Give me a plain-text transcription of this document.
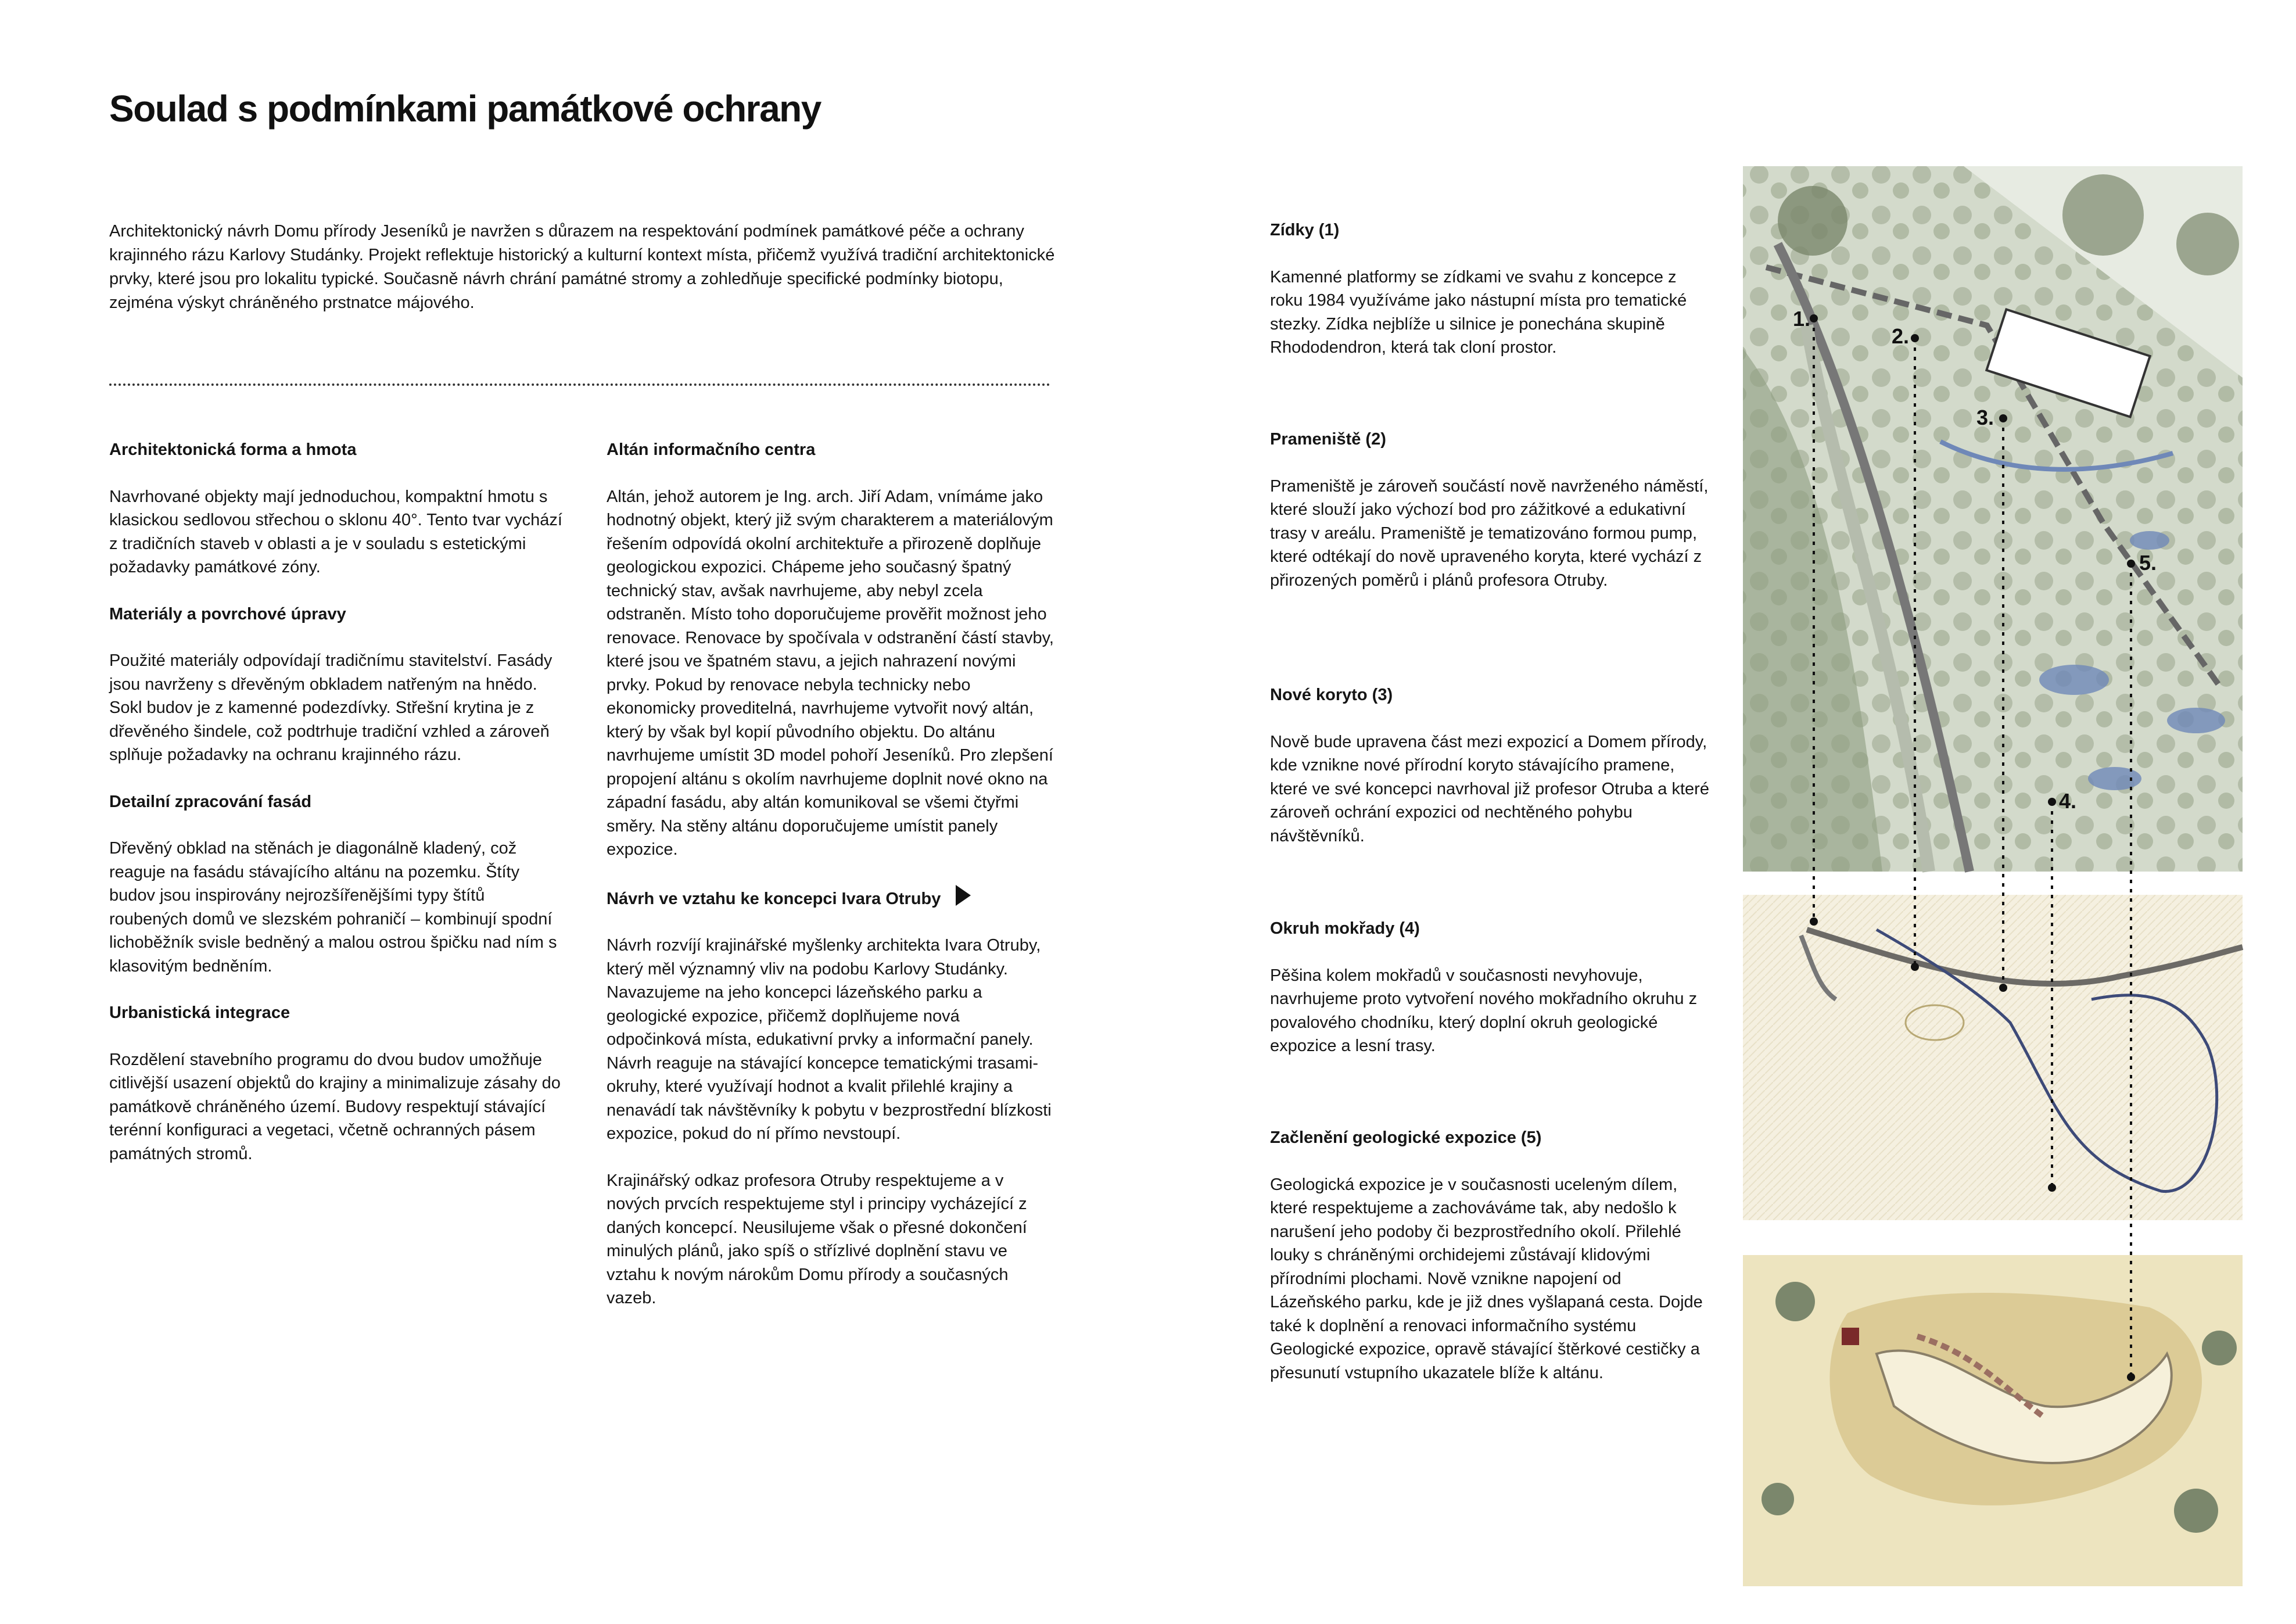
Soulad s podmínkami památkové ochrany

Architektonický návrh Domu přírody Jeseníků je navržen s důrazem na respektování podmínek památkové péče a ochrany krajinného rázu Karlovy Studánky. Projekt reflektuje historický a kulturní kontext místa, přičemž využívá tradiční architektonické prvky, které jsou pro lokalitu typické. Současně návrh chrání památné stromy a zohledňuje specifické podmínky biotopu, zejména výskyt chráněného prstnatce májového.

Architektonická forma a hmota

Navrhované objekty mají jednoduchou, kompaktní hmotu s klasickou sedlovou střechou o sklonu 40°. Tento tvar vychází z tradičních staveb v oblasti a je v souladu s estetickými požadavky památkové zóny.

Materiály a povrchové úpravy

Použité materiály odpovídají tradičnímu stavitelství. Fasády jsou navrženy s dřevěným obkladem natřeným na hnědo. Sokl budov je z kamenné podezdívky. Střešní krytina je z dřevěného šindele, což podtrhuje tradiční vzhled a zároveň splňuje požadavky na ochranu krajinného rázu.

Detailní zpracování fasád

Dřevěný obklad na stěnách je diagonálně kladený, což reaguje na fasádu stávajícího altánu na pozemku. Štíty budov jsou inspirovány nejrozšířenějšími typy štítů roubených domů ve slezském pohraničí – kombinují spodní lichoběžník svisle bedněný a malou ostrou špičku nad ním s klasovitým bedněním.

Urbanistická integrace

Rozdělení stavebního programu do dvou budov umožňuje citlivější usazení objektů do krajiny a minimalizuje zásahy do památkově chráněného území. Budovy respektují stávající terénní konfiguraci a vegetaci, včetně ochranných pásem památných stromů.

Altán informačního centra

Altán, jehož autorem je Ing. arch. Jiří Adam, vnímáme jako hodnotný objekt, který již svým charakterem a materiálovým řešením odpovídá okolní architektuře a přirozeně doplňuje geologickou expozici. Chápeme jeho současný špatný technický stav, avšak navrhujeme, aby nebyl zcela odstraněn. Místo toho doporučujeme prověřit možnost jeho renovace. Renovace by spočívala v odstranění částí stavby, které jsou ve špatném stavu, a jejich nahrazení novými prvky. Pokud by renovace nebyla technicky nebo ekonomicky proveditelná, navrhujeme vytvořit nový altán, který by však byl kopií původního objektu. Do altánu navrhujeme umístit 3D model pohoří Jeseníků. Pro zlepšení propojení altánu s okolím navrhujeme doplnit nové okno na západní fasádu, aby altán komunikoval se všemi čtyřmi směry. Na stěny altánu doporučujeme umístit panely expozice.

Návrh ve vztahu ke koncepci Ivara Otruby

Návrh rozvíjí krajinářské myšlenky architekta Ivara Otruby, který měl významný vliv na podobu Karlovy Studánky. Navazujeme na jeho koncepci lázeňského parku a geologické expozice, přičemž doplňujeme nová odpočinková místa, edukativní prvky a informační panely. Návrh reaguje na stávající koncepce tematickými trasami-okruhy, které využívají hodnot a kvalit přilehlé krajiny a nenavádí tak návštěvníky k pobytu v bezprostřední blízkosti expozice, pokud do ní přímo nevstoupí.

Krajinářský odkaz profesora Otruby respektujeme a v nových prvcích respektujeme styl i principy vycházející z daných koncepcí. Neusilujeme však o přesné dokončení minulých plánů, jako spíš o střízlivé doplnění stavu ve vztahu k novým nárokům Domu přírody a současných vazeb.

Zídky (1)

Kamenné platformy se zídkami ve svahu z koncepce z roku 1984 využíváme jako nástupní místa pro tematické stezky. Zídka nejblíže u silnice je ponechána skupině Rhododendron, která tak cloní prostor.

Prameniště (2)

Prameniště je zároveň součástí nově navrženého náměstí, které slouží jako výchozí bod pro zážitkové a edukativní trasy v areálu. Prameniště je tematizováno formou pump, které odtékají do nově upraveného koryta, které vychází z přirozených poměrů i plánů profesora Otruby.

Nové koryto (3)

Nově bude upravena část mezi expozicí a Domem přírody, kde vznikne nové přírodní koryto stávajícího pramene, které ve své koncepci navrhoval již profesor Otruba a které zároveň ochrání expozici od nechtěného pohybu návštěvníků.

Okruh mokřady (4)

Pěšina kolem mokřadů v současnosti nevyhovuje, navrhujeme proto vytvoření nového mokřadního okruhu z povalového chodníku, který doplní okruh geologické expozice a lesní trasy.

Začlenění geologické expozice (5)

Geologická expozice je v současnosti uceleným dílem, které respektujeme a zachováváme tak, aby nedošlo k narušení jeho podoby či bezprostředního okolí. Přilehlé louky s chráněnými orchidejemi zůstávají klidovými přírodními plochami. Nově vznikne napojení od Lázeňského parku, kde je již dnes vyšlapaná cesta. Dojde také k doplnění a renovaci informačního systému Geologické expozice, opravě stávající štěrkové cestičky a přesunutí vstupního ukazatele blíže k altánu.

1.
2.
3.
4.
5.
